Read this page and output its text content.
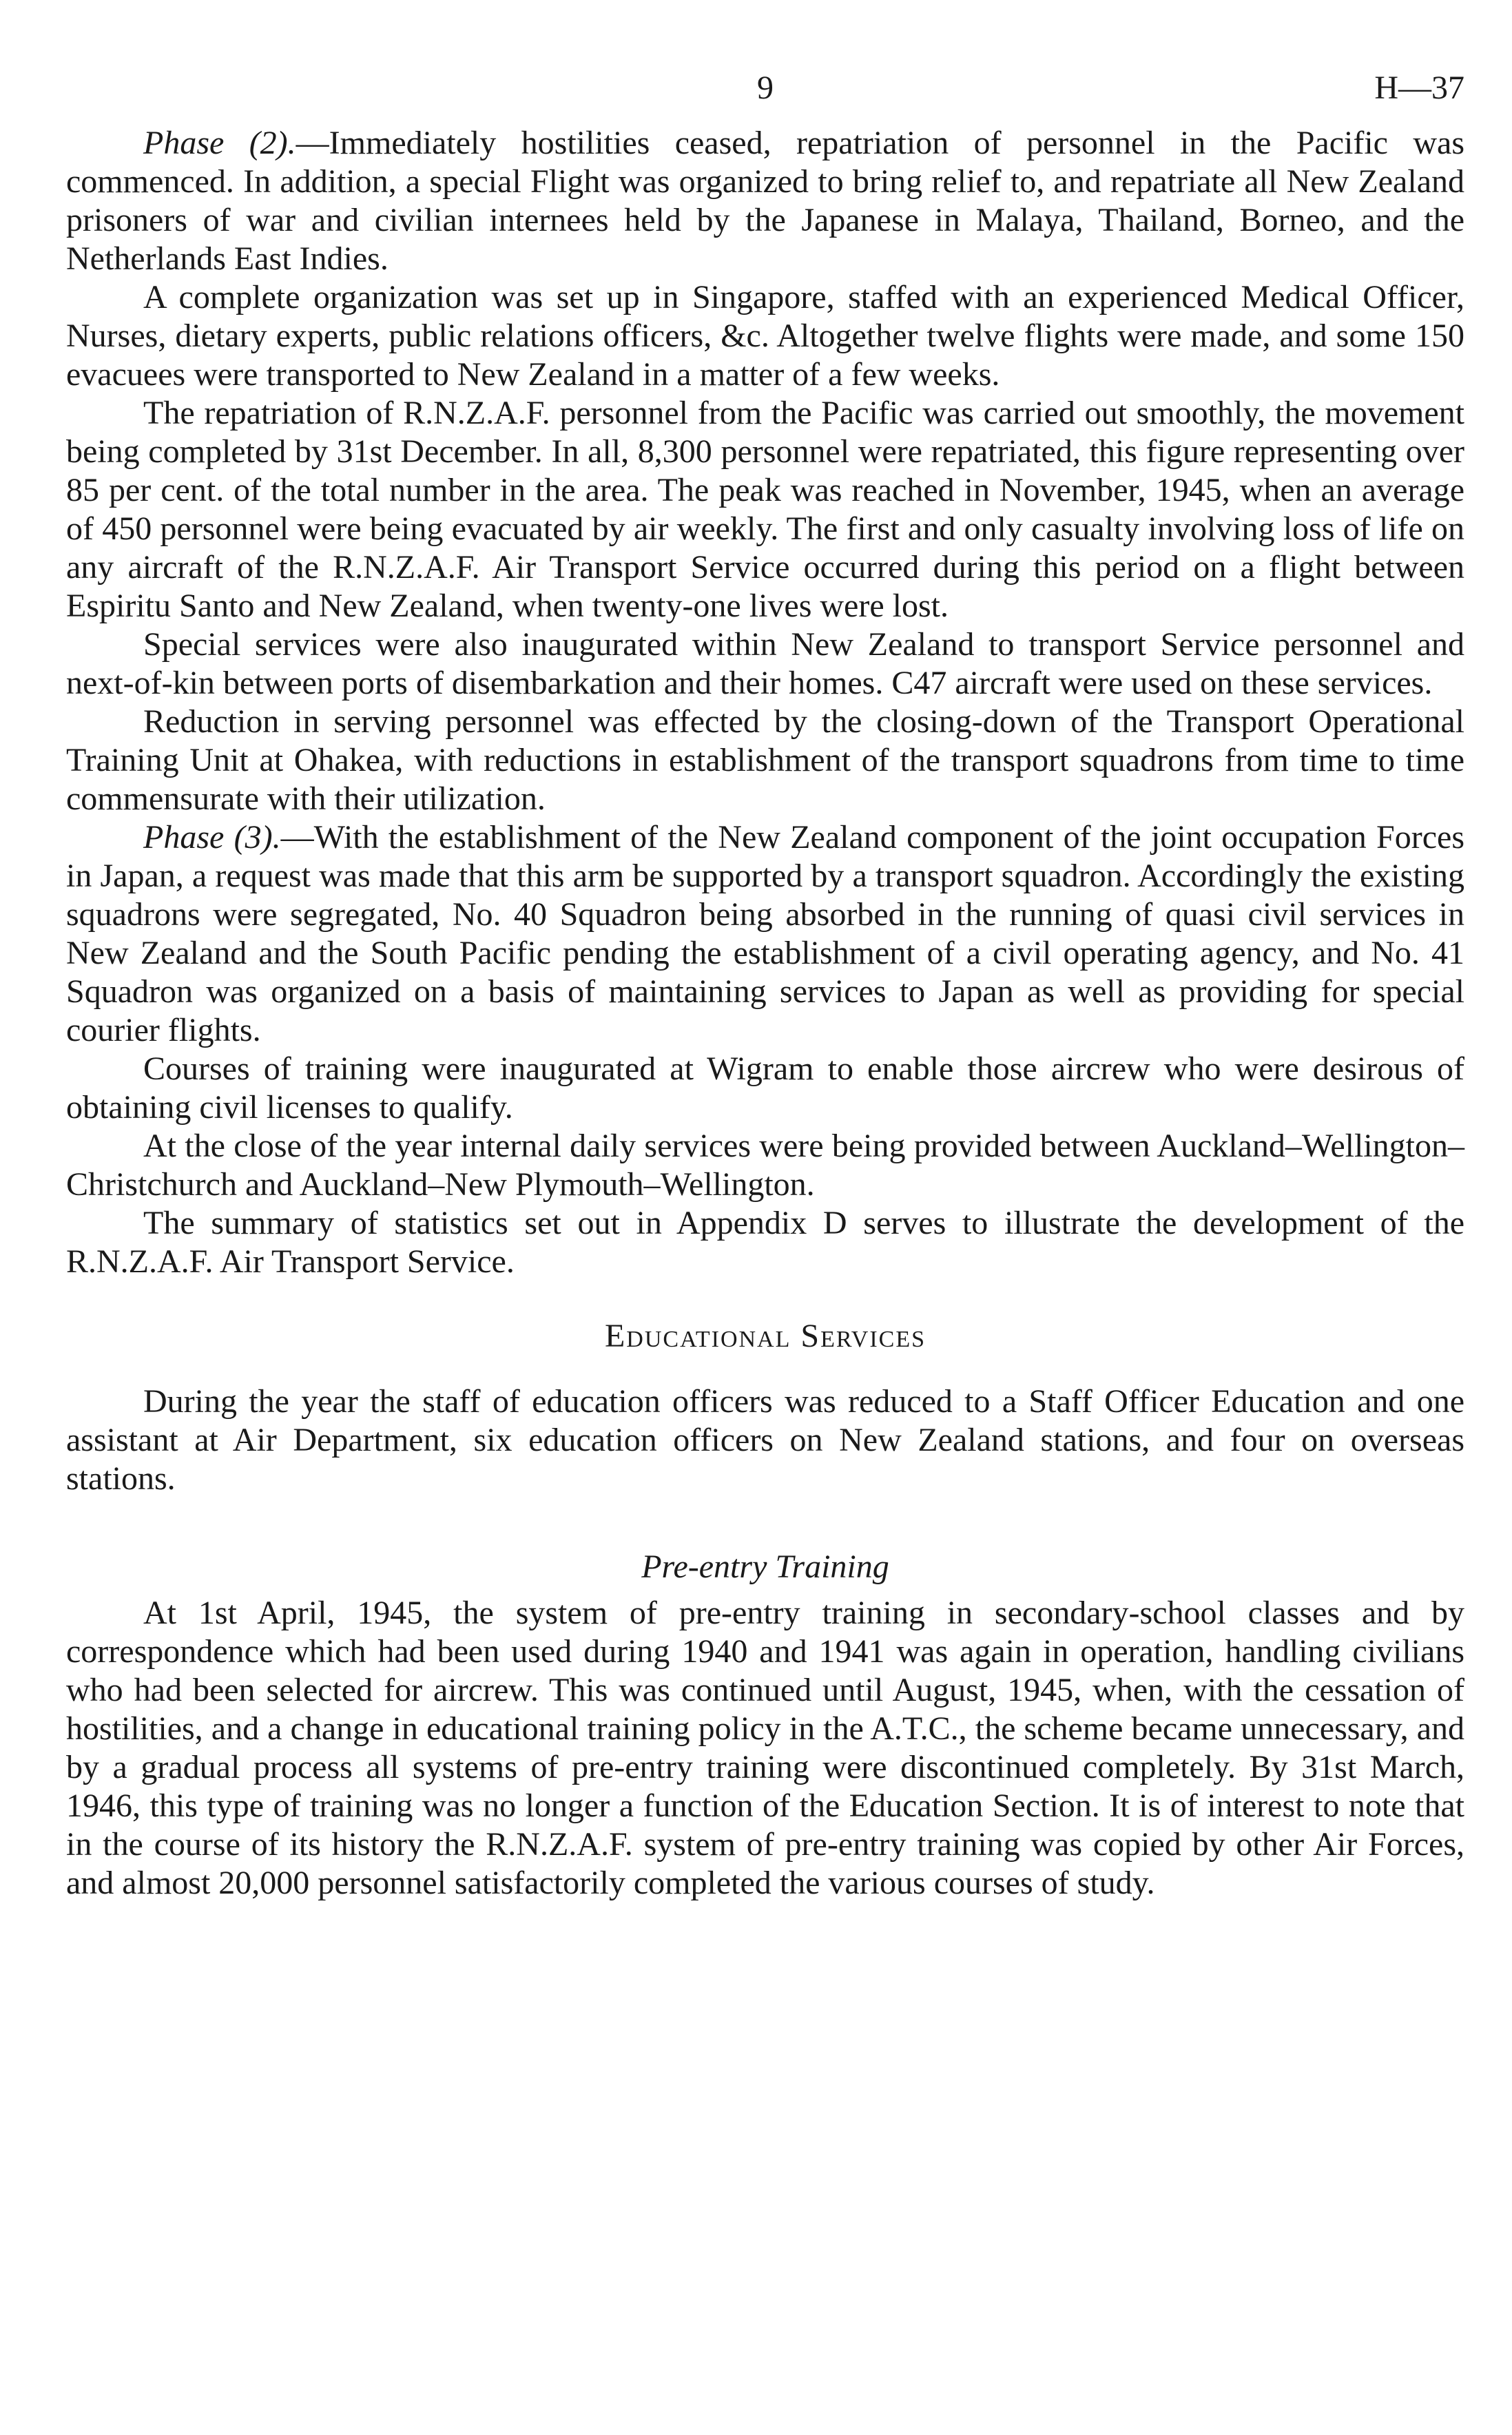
9	H—37

Phase (2).—Immediately hostilities ceased, repatriation of personnel in the Pacific was commenced. In addition, a special Flight was organized to bring relief to, and repatriate all New Zealand prisoners of war and civilian internees held by the Japanese in Malaya, Thailand, Borneo, and the Netherlands East Indies.

A complete organization was set up in Singapore, staffed with an experienced Medical Officer, Nurses, dietary experts, public relations officers, &c. Altogether twelve flights were made, and some 150 evacuees were transported to New Zealand in a matter of a few weeks.

The repatriation of R.N.Z.A.F. personnel from the Pacific was carried out smoothly, the movement being completed by 31st December. In all, 8,300 personnel were repatriated, this figure representing over 85 per cent. of the total number in the area. The peak was reached in November, 1945, when an average of 450 personnel were being evacuated by air weekly. The first and only casualty involving loss of life on any aircraft of the R.N.Z.A.F. Air Transport Service occurred during this period on a flight between Espiritu Santo and New Zealand, when twenty-one lives were lost.

Special services were also inaugurated within New Zealand to transport Service personnel and next-of-kin between ports of disembarkation and their homes. C47 aircraft were used on these services.

Reduction in serving personnel was effected by the closing-down of the Transport Operational Training Unit at Ohakea, with reductions in establishment of the transport squadrons from time to time commensurate with their utilization.

Phase (3).—With the establishment of the New Zealand component of the joint occupation Forces in Japan, a request was made that this arm be supported by a transport squadron. Accordingly the existing squadrons were segregated, No. 40 Squadron being absorbed in the running of quasi civil services in New Zealand and the South Pacific pending the establishment of a civil operating agency, and No. 41 Squadron was organized on a basis of maintaining services to Japan as well as providing for special courier flights.

Courses of training were inaugurated at Wigram to enable those aircrew who were desirous of obtaining civil licenses to qualify.

At the close of the year internal daily services were being provided between Auckland–Wellington–Christchurch and Auckland–New Plymouth–Wellington.

The summary of statistics set out in Appendix D serves to illustrate the development of the R.N.Z.A.F. Air Transport Service.

Educational Services

During the year the staff of education officers was reduced to a Staff Officer Education and one assistant at Air Department, six education officers on New Zealand stations, and four on overseas stations.

Pre-entry Training

At 1st April, 1945, the system of pre-entry training in secondary-school classes and by correspondence which had been used during 1940 and 1941 was again in operation, handling civilians who had been selected for aircrew. This was continued until August, 1945, when, with the cessation of hostilities, and a change in educational training policy in the A.T.C., the scheme became unnecessary, and by a gradual process all systems of pre-entry training were discontinued completely. By 31st March, 1946, this type of training was no longer a function of the Education Section. It is of interest to note that in the course of its history the R.N.Z.A.F. system of pre-entry training was copied by other Air Forces, and almost 20,000 personnel satisfactorily completed the various courses of study.
